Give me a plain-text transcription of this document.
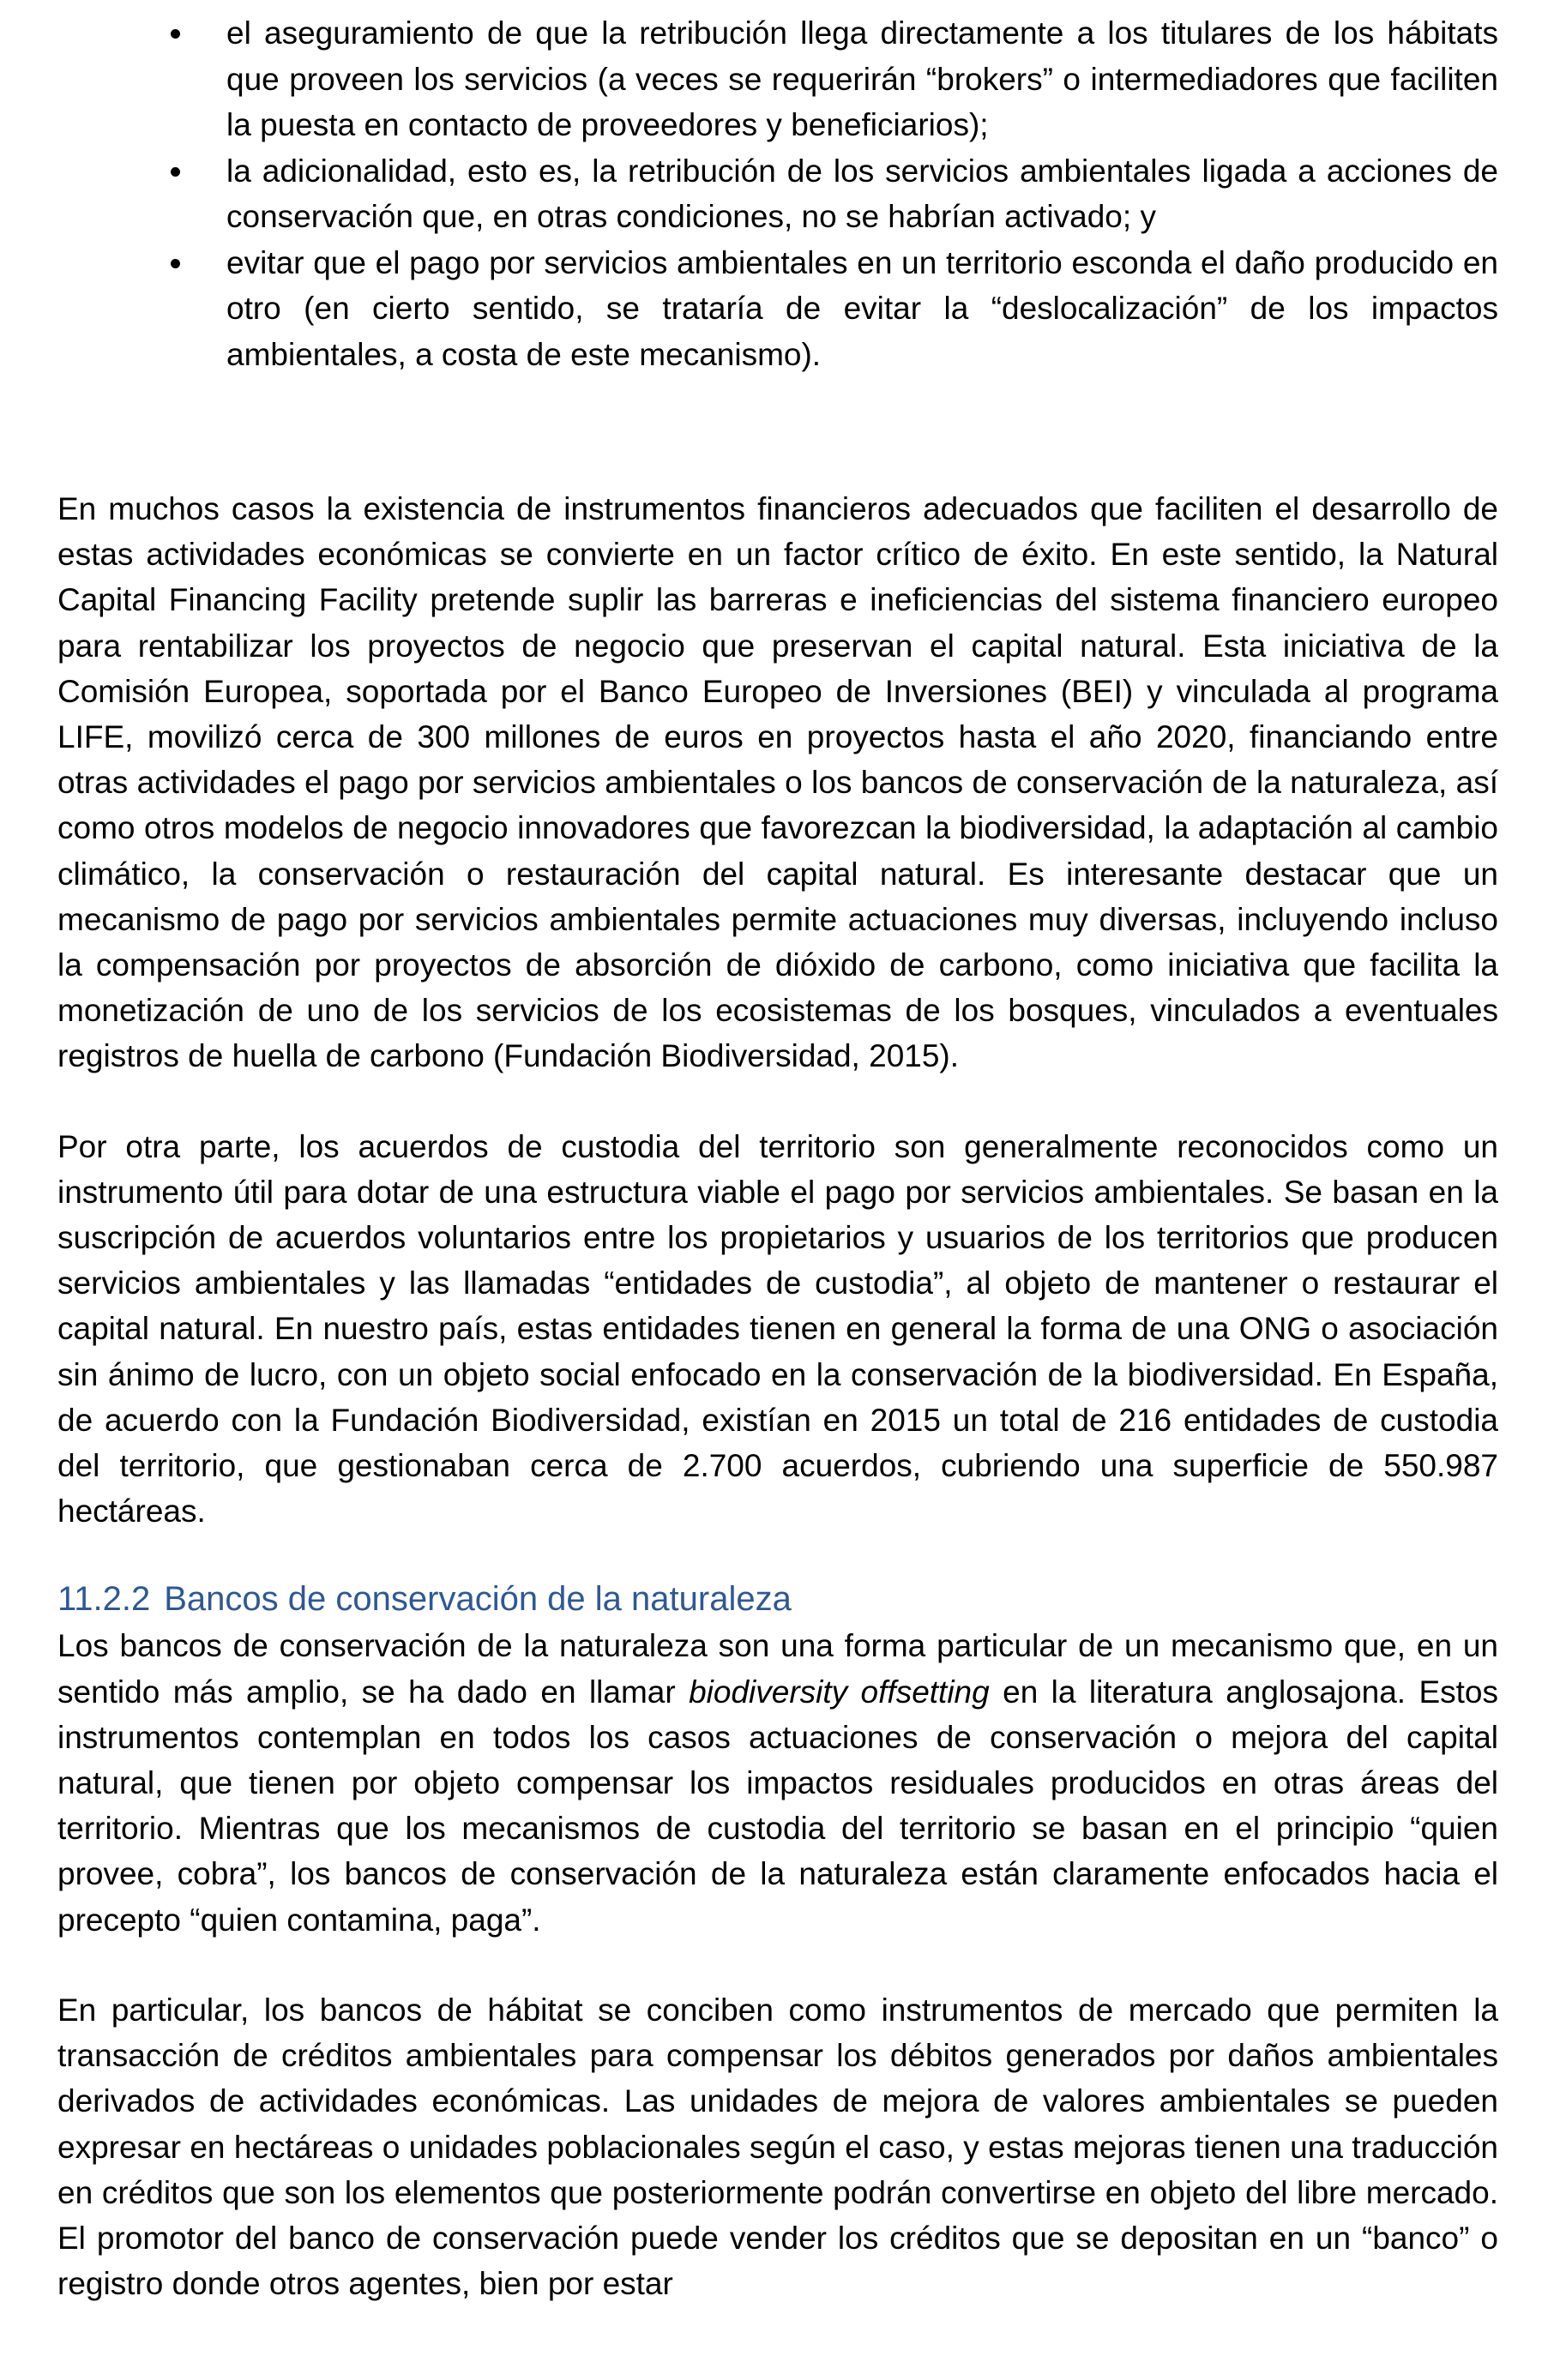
el aseguramiento de que la retribución llega directamente a los titulares de los hábitats que proveen los servicios (a veces se requerirán “brokers” o intermediadores que faciliten la puesta en contacto de proveedores y beneficiarios);
la adicionalidad, esto es, la retribución de los servicios ambientales ligada a acciones de conservación que, en otras condiciones, no se habrían activado; y
evitar que el pago por servicios ambientales en un territorio esconda el daño producido en otro (en cierto sentido, se trataría de evitar la “deslocalización” de los impactos ambientales, a costa de este mecanismo).

En muchos casos la existencia de instrumentos financieros adecuados que faciliten el desarrollo de estas actividades económicas se convierte en un factor crítico de éxito. En este sentido, la Natural Capital Financing Facility pretende suplir las barreras e ineficiencias del sistema financiero europeo para rentabilizar los proyectos de negocio que preservan el capital natural. Esta iniciativa de la Comisión Europea, soportada por el Banco Europeo de Inversiones (BEI) y vinculada al programa LIFE, movilizó cerca de 300 millones de euros en proyectos hasta el año 2020, financiando entre otras actividades el pago por servicios ambientales o los bancos de conservación de la naturaleza, así como otros modelos de negocio innovadores que favorezcan la biodiversidad, la adaptación al cambio climático, la conservación o restauración del capital natural. Es interesante destacar que un mecanismo de pago por servicios ambientales permite actuaciones muy diversas, incluyendo incluso la compensación por proyectos de absorción de dióxido de carbono, como iniciativa que facilita la monetización de uno de los servicios de los ecosistemas de los bosques, vinculados a eventuales registros de huella de carbono (Fundación Biodiversidad, 2015).

Por otra parte, los acuerdos de custodia del territorio son generalmente reconocidos como un instrumento útil para dotar de una estructura viable el pago por servicios ambientales. Se basan en la suscripción de acuerdos voluntarios entre los propietarios y usuarios de los territorios que producen servicios ambientales y las llamadas “entidades de custodia”, al objeto de mantener o restaurar el capital natural. En nuestro país, estas entidades tienen en general la forma de una ONG o asociación sin ánimo de lucro, con un objeto social enfocado en la conservación de la biodiversidad. En España, de acuerdo con la Fundación Biodiversidad, existían en 2015 un total de 216 entidades de custodia del territorio, que gestionaban cerca de 2.700 acuerdos, cubriendo una superficie de 550.987 hectáreas.

11.2.2 Bancos de conservación de la naturaleza

Los bancos de conservación de la naturaleza son una forma particular de un mecanismo que, en un sentido más amplio, se ha dado en llamar biodiversity offsetting en la literatura anglosajona. Estos instrumentos contemplan en todos los casos actuaciones de conservación o mejora del capital natural, que tienen por objeto compensar los impactos residuales producidos en otras áreas del territorio. Mientras que los mecanismos de custodia del territorio se basan en el principio “quien provee, cobra”, los bancos de conservación de la naturaleza están claramente enfocados hacia el precepto “quien contamina, paga”.

En particular, los bancos de hábitat se conciben como instrumentos de mercado que permiten la transacción de créditos ambientales para compensar los débitos generados por daños ambientales derivados de actividades económicas. Las unidades de mejora de valores ambientales se pueden expresar en hectáreas o unidades poblacionales según el caso, y estas mejoras tienen una traducción en créditos que son los elementos que posteriormente podrán convertirse en objeto del libre mercado. El promotor del banco de conservación puede vender los créditos que se depositan en un “banco” o registro donde otros agentes, bien por estar
